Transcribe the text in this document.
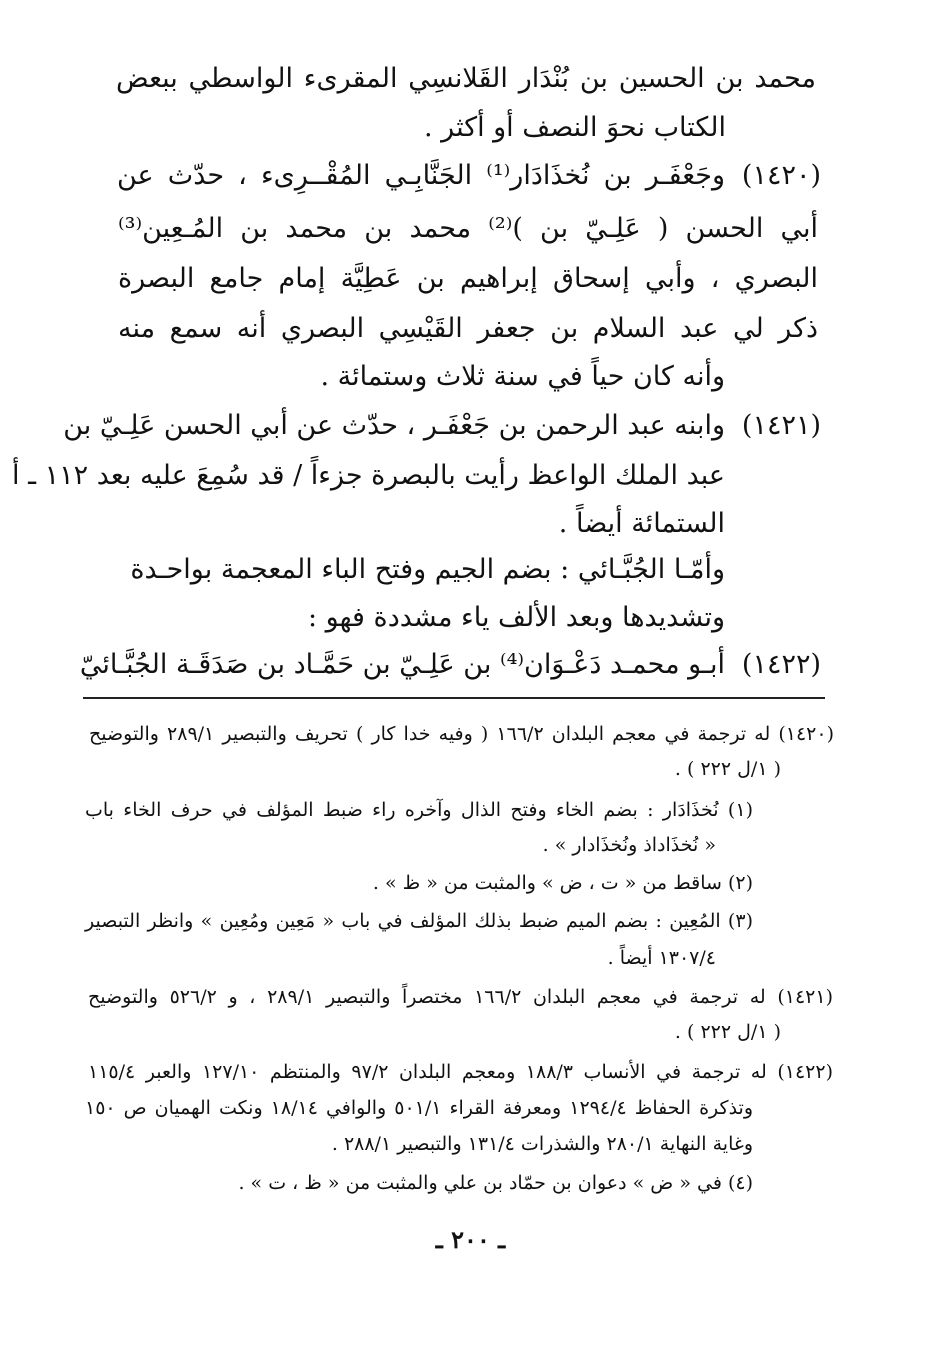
محمد بن الحسين بن بُنْدَار القَلانسِي المقرىء الواسطي ببعض
الكتاب نحوَ النصف أو أكثر .
(١٤٢٠)
وجَعْفَـر بن نُخذَادَار⁽¹⁾ الجَنَّابِـي المُقْــرِىء ، حدّث عن
أبي الحسن ( عَلِـيّ بن )⁽²⁾ محمد بن محمد بن المُـعِين⁽³⁾
البصري ، وأبي إسحاق إبراهيم بن عَطِيَّة إمام جامع البصرة
ذكر لي عبد السلام بن جعفر القَيْسِي البصري أنه سمع منه
وأنه كان حياً في سنة ثلاث وستمائة .
(١٤٢١)
وابنه عبد الرحمن بن جَعْفَـر ، حدّث عن أبي الحسن عَلِـيّ بن
عبد الملك الواعظ رأيت بالبصرة جزءاً / قد سُمِعَ عليه بعد ١١٢ ـ أ
الستمائة أيضاً .
وأمّـا الجُبَّـائي : بضم الجيم وفتح الباء المعجمة بواحـدة
وتشديدها وبعد الألف ياء مشددة فهو :
(١٤٢٢)
أبـو محمـد دَعْـوَان⁽⁴⁾ بن عَلِـيّ بن حَمَّـاد بن صَدَقَـة الجُبَّـائيّ
(١٤٢٠) له ترجمة في معجم البلدان ١٦٦/٢ ( وفيه خدا كار ) تحريف والتبصير ٢٨٩/١ والتوضيح
( ١/ل ٢٢٢ ) .
(١) نُخذَادَار : بضم الخاء وفتح الذال وآخره راء ضبط المؤلف في حرف الخاء باب
« نُخذَاداذ ونُخذَادار » .
(٢) ساقط من « ت ، ض » والمثبت من « ظ » .
(٣) المُعِين : بضم الميم ضبط بذلك المؤلف في باب « مَعِين ومُعِين » وانظر التبصير
١٣٠٧/٤ أيضاً .
(١٤٢١) له ترجمة في معجم البلدان ١٦٦/٢ مختصراً والتبصير ٢٨٩/١ ، و ٥٢٦/٢ والتوضيح
( ١/ل ٢٢٢ ) .
(١٤٢٢) له ترجمة في الأنساب ١٨٨/٣ ومعجم البلدان ٩٧/٢ والمنتظم ١٢٧/١٠ والعبر ١١٥/٤
وتذكرة الحفاظ ١٢٩٤/٤ ومعرفة القراء ٥٠١/١ والوافي ١٨/١٤ ونكت الهميان ص ١٥٠
وغاية النهاية ٢٨٠/١ والشذرات ١٣١/٤ والتبصير ٢٨٨/١ .
(٤) في « ض » دعوان بن حمّاد بن علي والمثبت من « ظ ، ت » .
ـ ٢٠٠ ـ
